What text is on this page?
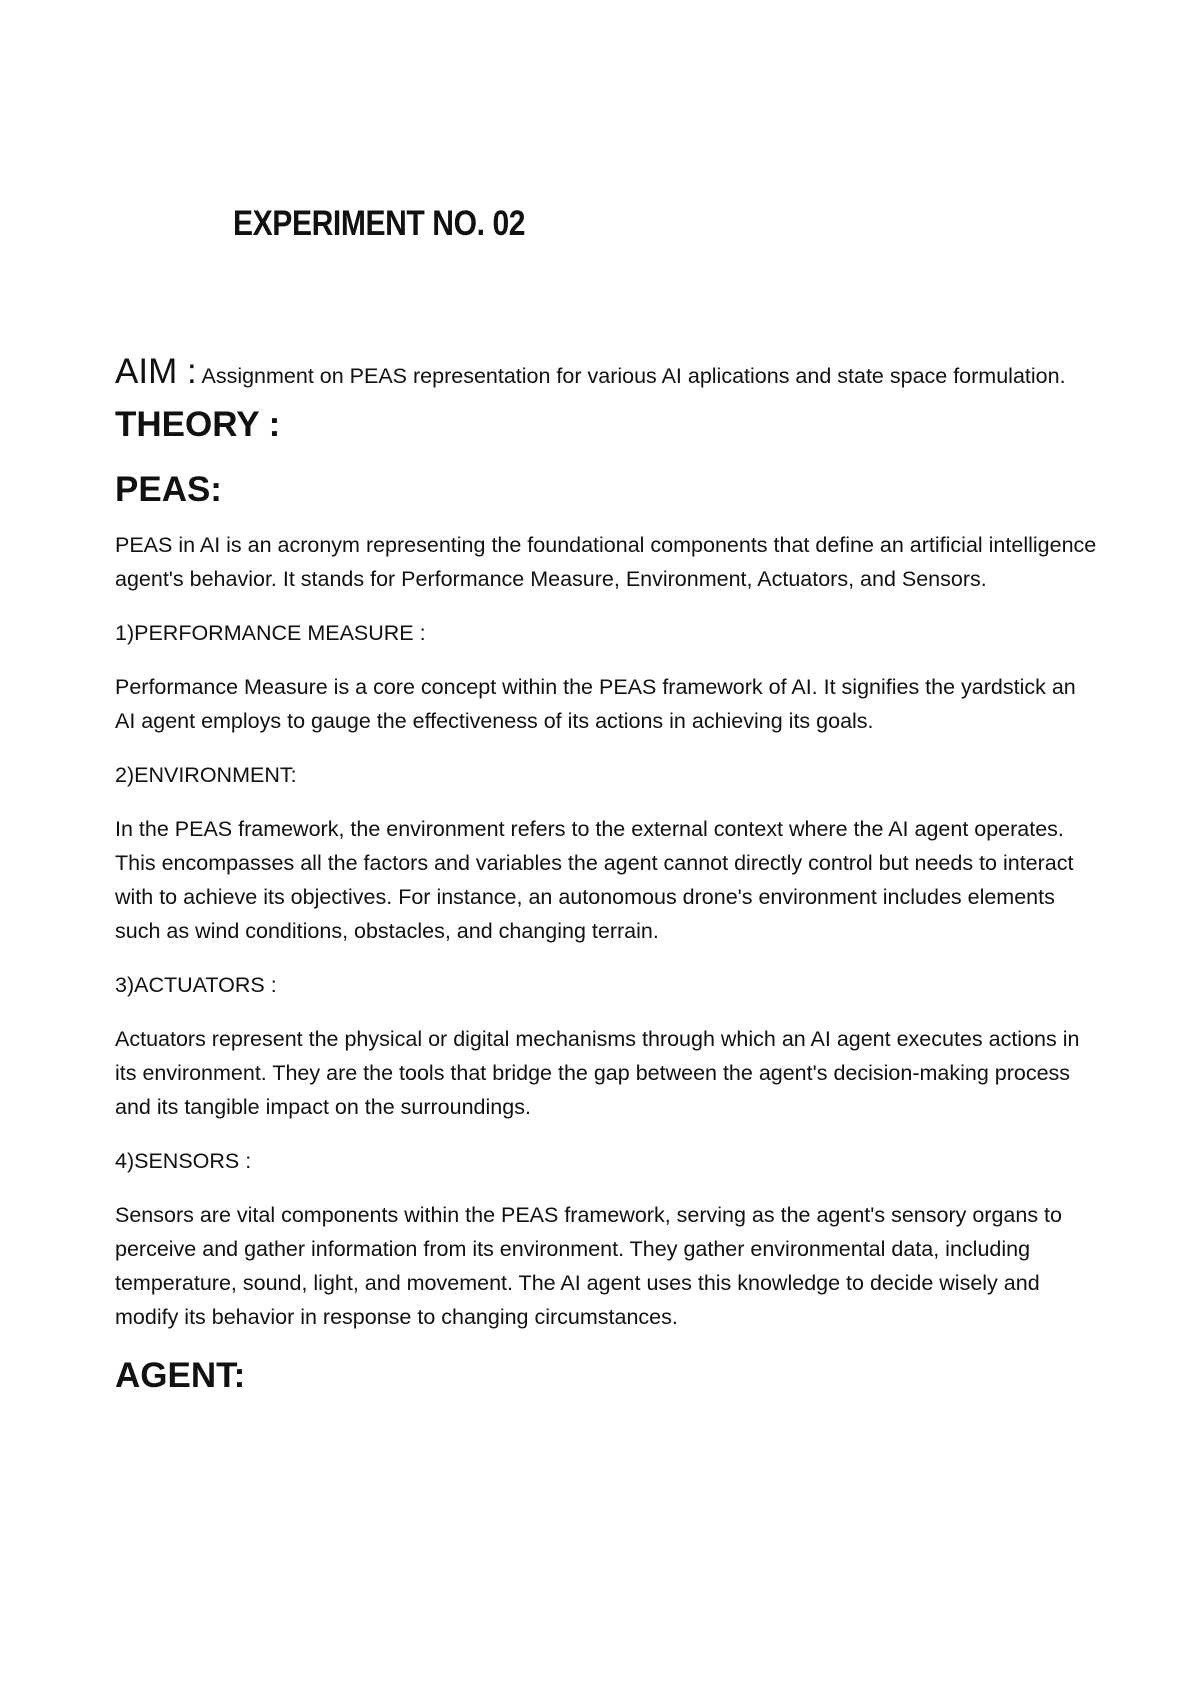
EXPERIMENT NO. 02

AIM : Assignment on PEAS representation for various AI aplications and state space formulation.

THEORY :
PEAS:

PEAS in AI is an acronym representing the foundational components that define an artificial intelligence agent's behavior. It stands for Performance Measure, Environment, Actuators, and Sensors.

1)PERFORMANCE MEASURE :

Performance Measure is a core concept within the PEAS framework of AI. It signifies the yardstick an AI agent employs to gauge the effectiveness of its actions in achieving its goals.

2)ENVIRONMENT:

In the PEAS framework, the environment refers to the external context where the AI agent operates. This encompasses all the factors and variables the agent cannot directly control but needs to interact with to achieve its objectives. For instance, an autonomous drone's environment includes elements such as wind conditions, obstacles, and changing terrain.

3)ACTUATORS :

Actuators represent the physical or digital mechanisms through which an AI agent executes actions in its environment. They are the tools that bridge the gap between the agent's decision-making process and its tangible impact on the surroundings.

4)SENSORS :

Sensors are vital components within the PEAS framework, serving as the agent's sensory organs to perceive and gather information from its environment. They gather environmental data, including temperature, sound, light, and movement. The AI agent uses this knowledge to decide wisely and modify its behavior in response to changing circumstances.

AGENT:
